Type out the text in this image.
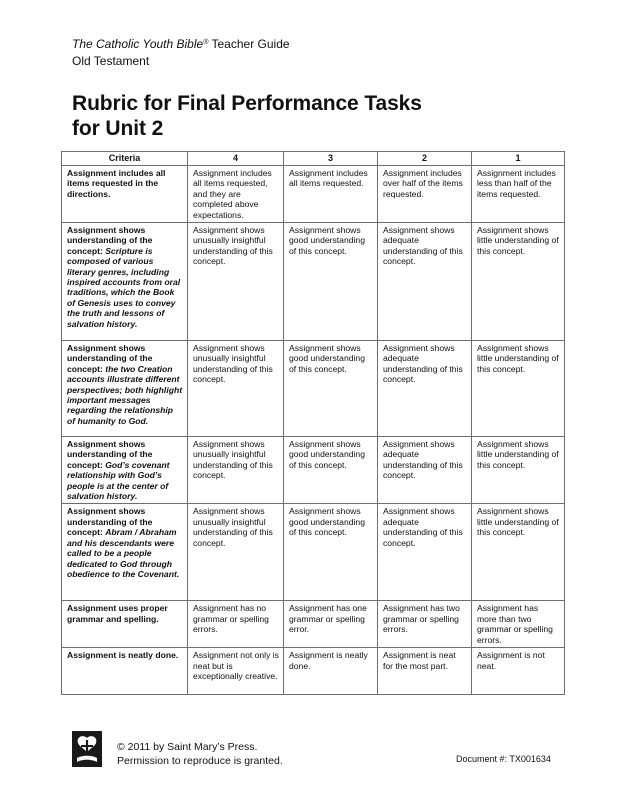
The Catholic Youth Bible® Teacher Guide
Old Testament
Rubric for Final Performance Tasks
for Unit 2
Criteria	4	3	2	1
Assignment includes all items requested in the directions.	Assignment includes all items requested, and they are completed above expectations.	Assignment includes all items requested.	Assignment includes over half of the items requested.	Assignment includes less than half of the items requested.
Assignment shows understanding of the concept: Scripture is composed of various literary genres, including inspired accounts from oral traditions, which the Book of Genesis uses to convey the truth and lessons of salvation history.	Assignment shows unusually insightful understanding of this concept.	Assignment shows good understanding of this concept.	Assignment shows adequate understanding of this concept.	Assignment shows little understanding of this concept.
Assignment shows understanding of the concept: the two Creation accounts illustrate different perspectives; both highlight important messages regarding the relationship of humanity to God.	Assignment shows unusually insightful understanding of this concept.	Assignment shows good understanding of this concept.	Assignment shows adequate understanding of this concept.	Assignment shows little understanding of this concept.
Assignment shows understanding of the concept: God’s covenant relationship with God’s people is at the center of salvation history.	Assignment shows unusually insightful understanding of this concept.	Assignment shows good understanding of this concept.	Assignment shows adequate understanding of this concept.	Assignment shows little understanding of this concept.
Assignment shows understanding of the concept: Abram / Abraham and his descendants were called to be a people dedicated to God through obedience to the Covenant.	Assignment shows unusually insightful understanding of this concept.	Assignment shows good understanding of this concept.	Assignment shows adequate understanding of this concept.	Assignment shows little understanding of this concept.
Assignment uses proper grammar and spelling.	Assignment has no grammar or spelling errors.	Assignment has one grammar or spelling error.	Assignment has two grammar or spelling errors.	Assignment has more than two grammar or spelling errors.
Assignment is neatly done.	Assignment not only is neat but is exceptionally creative.	Assignment is neatly done.	Assignment is neat for the most part.	Assignment is not neat.
© 2011 by Saint Mary’s Press.
Permission to reproduce is granted.	Document #: TX001634
